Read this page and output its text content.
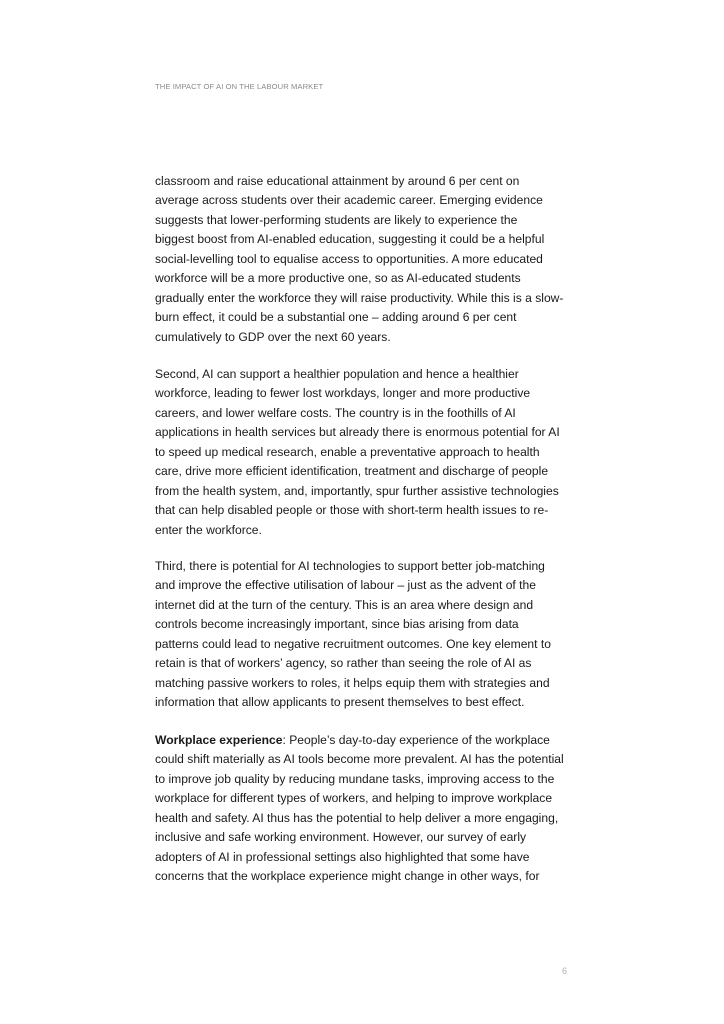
THE IMPACT OF AI ON THE LABOUR MARKET
classroom and raise educational attainment by around 6 per cent on
average across students over their academic career. Emerging evidence
suggests that lower-performing students are likely to experience the
biggest boost from AI-enabled education, suggesting it could be a helpful
social-levelling tool to equalise access to opportunities. A more educated
workforce will be a more productive one, so as AI-educated students
gradually enter the workforce they will raise productivity. While this is a slow-
burn effect, it could be a substantial one – adding around 6 per cent
cumulatively to GDP over the next 60 years.
Second, AI can support a healthier population and hence a healthier
workforce, leading to fewer lost workdays, longer and more productive
careers, and lower welfare costs. The country is in the foothills of AI
applications in health services but already there is enormous potential for AI
to speed up medical research, enable a preventative approach to health
care, drive more efficient identification, treatment and discharge of people
from the health system, and, importantly, spur further assistive technologies
that can help disabled people or those with short-term health issues to re-
enter the workforce.
Third, there is potential for AI technologies to support better job-matching
and improve the effective utilisation of labour – just as the advent of the
internet did at the turn of the century. This is an area where design and
controls become increasingly important, since bias arising from data
patterns could lead to negative recruitment outcomes. One key element to
retain is that of workers’ agency, so rather than seeing the role of AI as
matching passive workers to roles, it helps equip them with strategies and
information that allow applicants to present themselves to best effect.
Workplace experience: People’s day-to-day experience of the workplace
could shift materially as AI tools become more prevalent. AI has the potential
to improve job quality by reducing mundane tasks, improving access to the
workplace for different types of workers, and helping to improve workplace
health and safety. AI thus has the potential to help deliver a more engaging,
inclusive and safe working environment. However, our survey of early
adopters of AI in professional settings also highlighted that some have
concerns that the workplace experience might change in other ways, for
6
